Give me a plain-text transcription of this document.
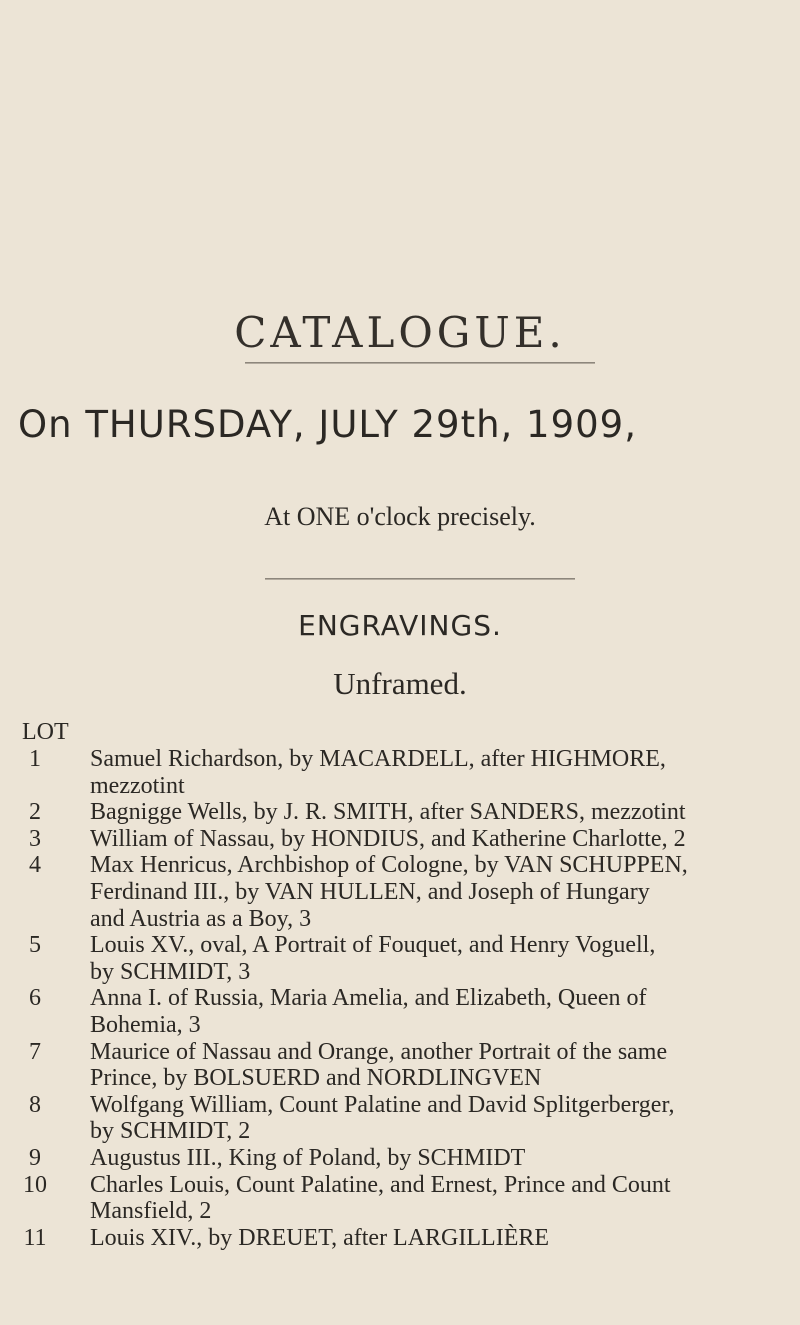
CATALOGUE.
On THURSDAY, JULY 29th, 1909,
At ONE o'clock precisely.
ENGRAVINGS.
Unframed.
LOT
1	Samuel Richardson, by MACARDELL, after HIGHMORE,
mezzotint
2	Bagnigge Wells, by J. R. SMITH, after SANDERS, mezzotint
3	William of Nassau, by HONDIUS, and Katherine Charlotte, 2
4	Max Henricus, Archbishop of Cologne, by VAN SCHUPPEN,
Ferdinand III., by VAN HULLEN, and Joseph of Hungary
and Austria as a Boy, 3
5	Louis XV., oval, A Portrait of Fouquet, and Henry Voguell,
by SCHMIDT, 3
6	Anna I. of Russia, Maria Amelia, and Elizabeth, Queen of
Bohemia, 3
7	Maurice of Nassau and Orange, another Portrait of the same
Prince, by BOLSUERD and NORDLINGVEN
8	Wolfgang William, Count Palatine and David Splitgerberger,
by SCHMIDT, 2
9	Augustus III., King of Poland, by SCHMIDT
10	Charles Louis, Count Palatine, and Ernest, Prince and Count
Mansfield, 2
11	Louis XIV., by DREUET, after LARGILLIÈRE
